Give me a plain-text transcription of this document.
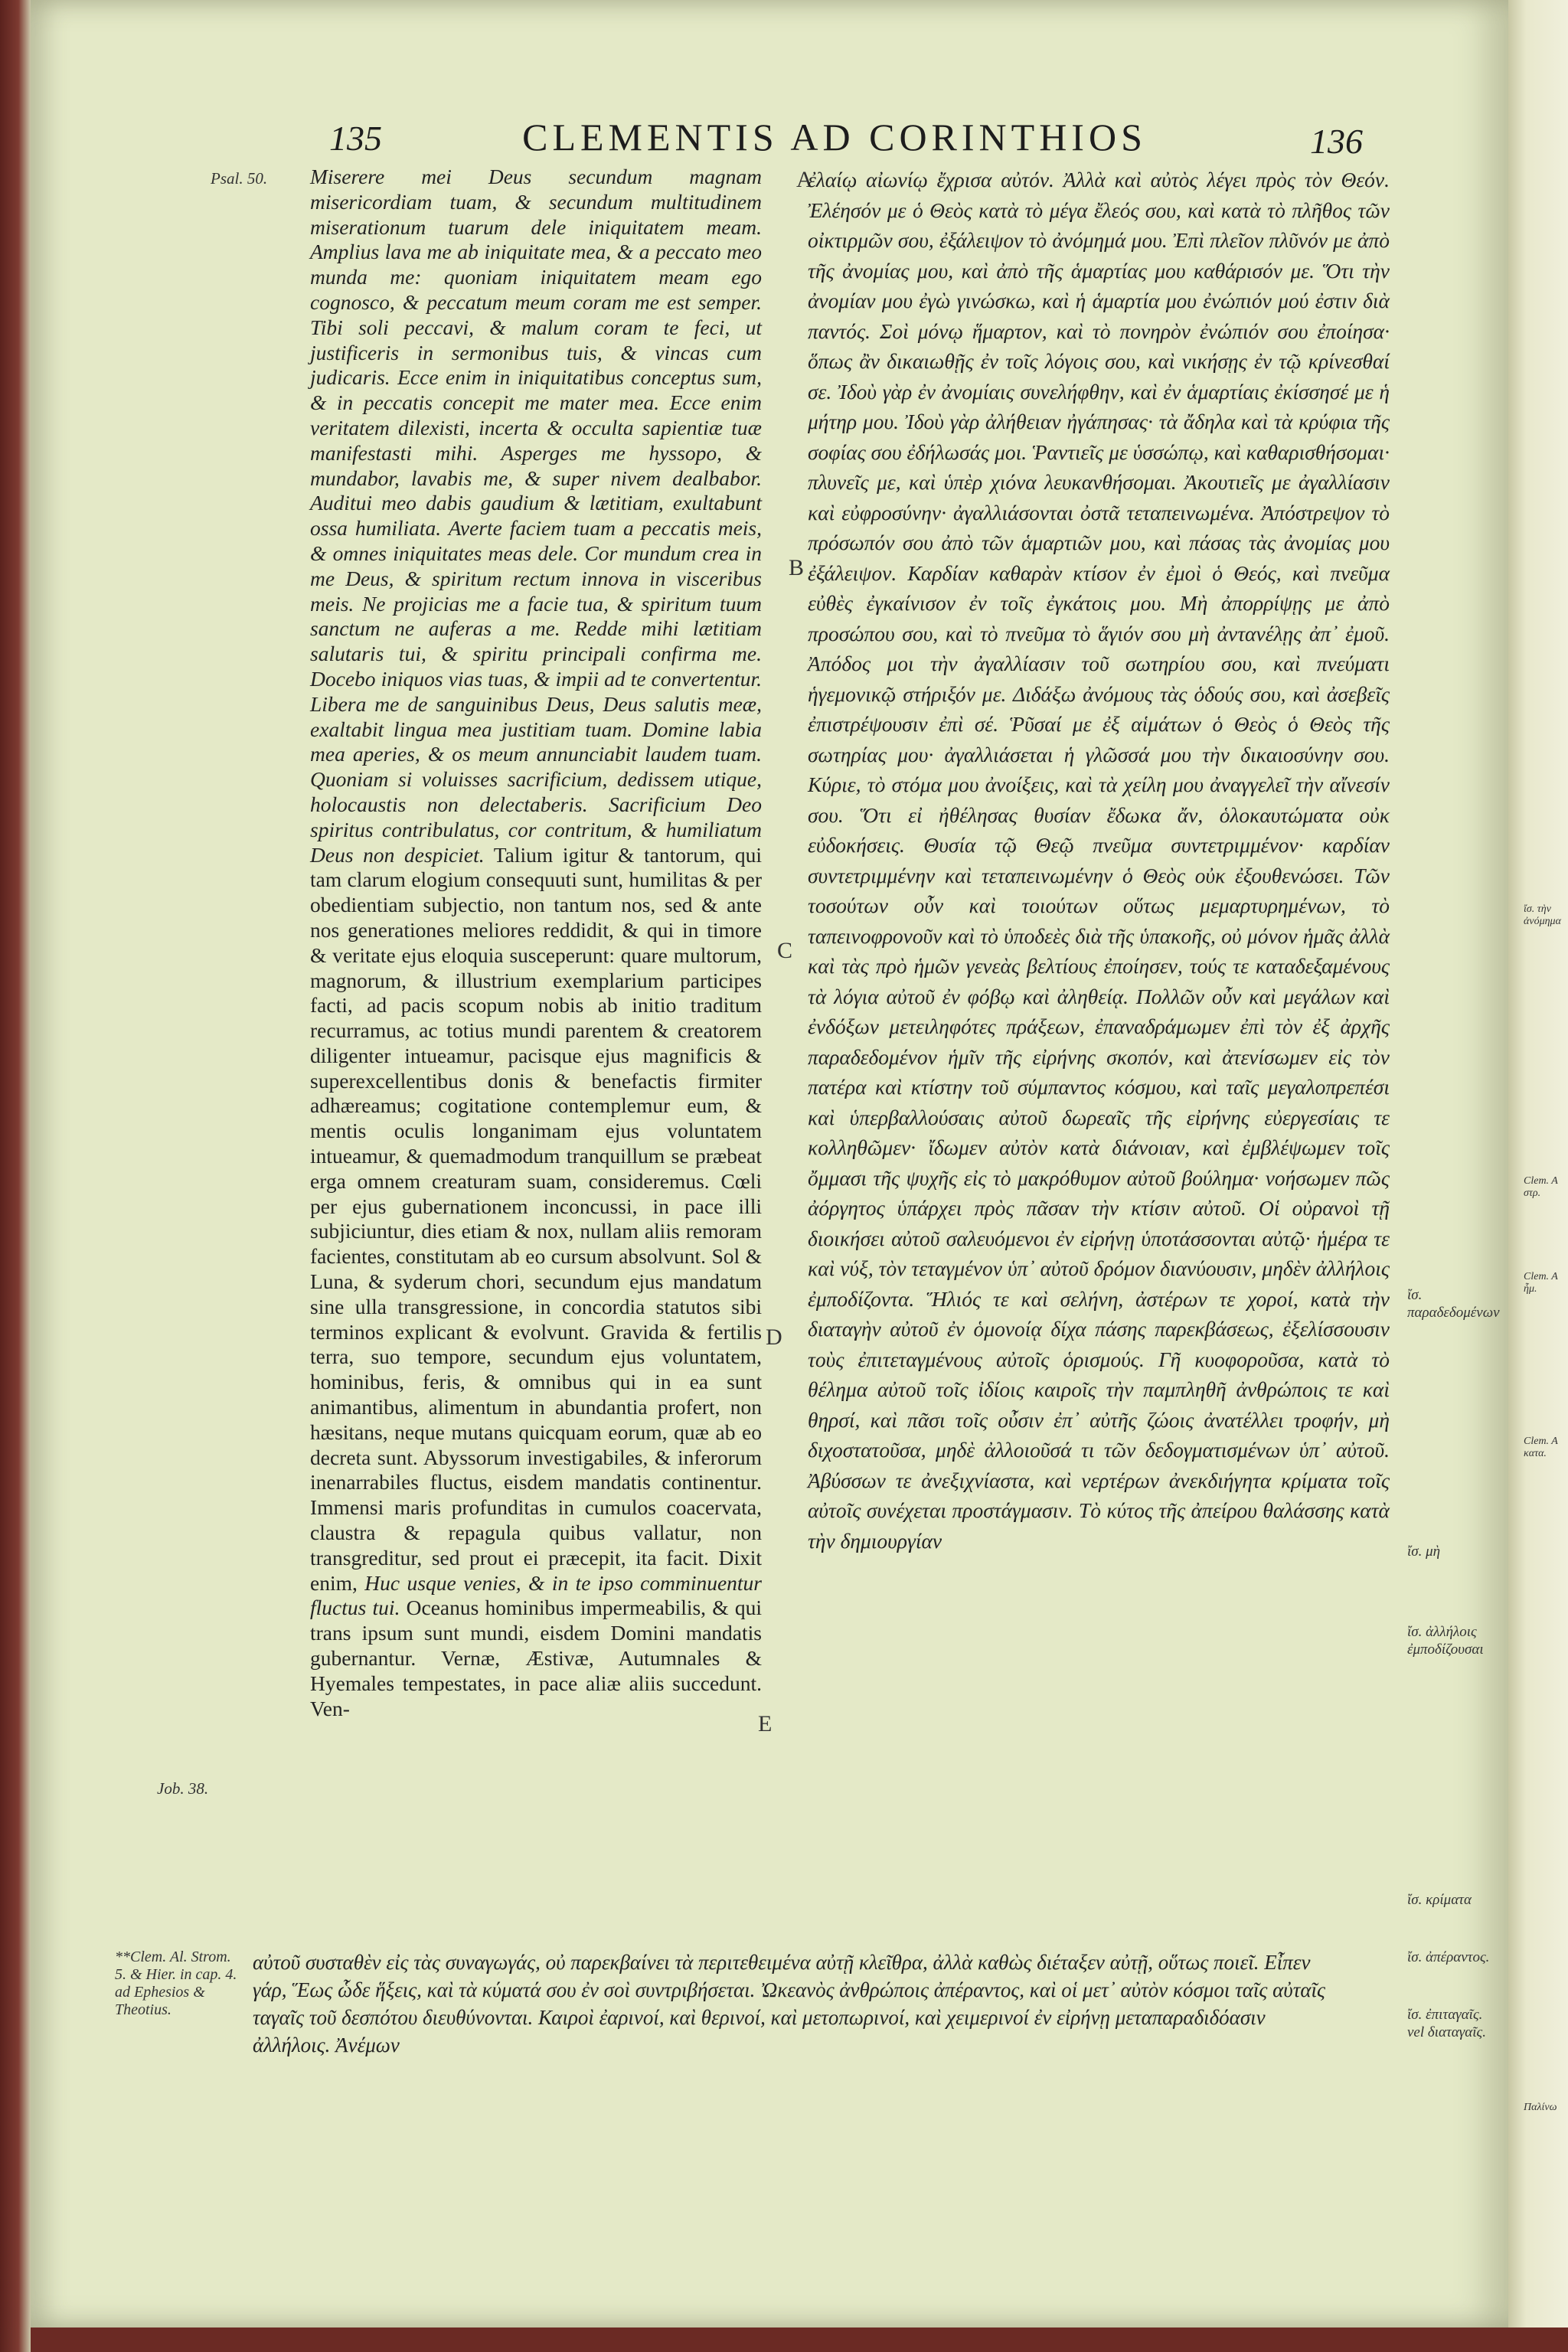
135	CLEMENTIS AD CORINTHIOS	136
Psal. 50.
Job. 38.
**Clem. Al. Strom. 5. & Hier. in cap. 4. ad Ephesios & Theotius.
Miserere mei Deus secundum magnam misericordiam tuam, & secundum multitudinem miserationum tuarum dele iniquitatem meam. Amplius lava me ab iniquitate mea, & a peccato meo munda me: quoniam iniquitatem meam ego cognosco, & peccatum meum coram me est semper. Tibi soli peccavi, & malum coram te feci, ut justificeris in sermonibus tuis, & vincas cum judicaris. Ecce enim in iniquitatibus conceptus sum, & in peccatis concepit me mater mea. Ecce enim veritatem dilexisti, incerta & occulta sapientiæ tuæ manifestasti mihi. Asperges me hyssopo, & mundabor, lavabis me, & super nivem dealbabor. Auditui meo dabis gaudium & lætitiam, exultabunt ossa humiliata. Averte faciem tuam a peccatis meis, & omnes iniquitates meas dele. Cor mundum crea in me Deus, & spiritum rectum innova in visceribus meis. Ne projicias me a facie tua, & spiritum tuum sanctum ne auferas a me. Redde mihi lætitiam salutaris tui, & spiritu principali confirma me. Docebo iniquos vias tuas, & impii ad te convertentur. Libera me de sanguinibus Deus, Deus salutis meæ, exaltabit lingua mea justitiam tuam. Domine labia mea aperies, & os meum annunciabit laudem tuam. Quoniam si voluisses sacrificium, dedissem utique, holocaustis non delectaberis. Sacrificium Deo spiritus contribulatus, cor contritum, & humiliatum Deus non despiciet. Talium igitur & tantorum, qui tam clarum elogium consequuti sunt, humilitas & per obedientiam subjectio, non tantum nos, sed & ante nos generationes meliores reddidit, & qui in timore & veritate ejus eloquia susceperunt: quare multorum, magnorum, & illustrium exemplarium participes facti, ad pacis scopum nobis ab initio traditum recurramus, ac totius mundi parentem & creatorem diligenter intueamur, pacisque ejus magnificis & superexcellentibus donis & benefactis firmiter adhæreamus; cogitatione contemplemur eum, & mentis oculis longanimam ejus voluntatem intueamur, & quemadmodum tranquillum se præbeat erga omnem creaturam suam, consideremus. Cœli per ejus gubernationem inconcussi, in pace illi subjiciuntur, dies etiam & nox, nullam aliis remoram facientes, constitutam ab eo cursum absolvunt. Sol & Luna, & syderum chori, secundum ejus mandatum sine ulla transgressione, in concordia statutos sibi terminos explicant & evolvunt. Gravida & fertilis terra, suo tempore, secundum ejus voluntatem, hominibus, feris, & omnibus qui in ea sunt animantibus, alimentum in abundantia profert, non hæsitans, neque mutans quicquam eorum, quæ ab eo decreta sunt. Abyssorum investigabiles, & inferorum inenarrabiles fluctus, eisdem mandatis continentur. Immensi maris profunditas in cumulos coacervata, claustra & repagula quibus vallatur, non transgreditur, sed prout ei præcepit, ita facit. Dixit enim, Huc usque venies, & in te ipso comminuentur fluctus tui. Oceanus hominibus impermeabilis, & qui trans ipsum sunt mundi, eisdem Domini mandatis gubernantur. Vernæ, Æstivæ, Autumnales & Hyemales tempestates, in pace aliæ aliis succedunt. Ven-
A
B
C
D
E
ἐλαίῳ αἰωνίῳ ἔχρισα αὐτόν. Ἀλλὰ καὶ αὐτὸς λέγει πρὸς τὸν Θεόν. Ἐλέησόν με ὁ Θεὸς κατὰ τὸ μέγα ἔλεός σου, καὶ κατὰ τὸ πλῆθος τῶν οἰκτιρμῶν σου, ἐξάλειψον τὸ ἀνόμημά μου. Ἐπὶ πλεῖον πλῦνόν με ἀπὸ τῆς ἀνομίας μου, καὶ ἀπὸ τῆς ἁμαρτίας μου καθάρισόν με. Ὅτι τὴν ἀνομίαν μου ἐγὼ γινώσκω, καὶ ἡ ἁμαρτία μου ἐνώπιόν μού ἐστιν διὰ παντός. Σοὶ μόνῳ ἥμαρτον, καὶ τὸ πονηρὸν ἐνώπιόν σου ἐποίησα· ὅπως ἂν δικαιωθῇς ἐν τοῖς λόγοις σου, καὶ νικήσῃς ἐν τῷ κρίνεσθαί σε. Ἰδοὺ γὰρ ἐν ἀνομίαις συνελήφθην, καὶ ἐν ἁμαρτίαις ἐκίσσησέ με ἡ μήτηρ μου. Ἰδοὺ γὰρ ἀλήθειαν ἠγάπησας· τὰ ἄδηλα καὶ τὰ κρύφια τῆς σοφίας σου ἐδήλωσάς μοι. Ῥαντιεῖς με ὑσσώπῳ, καὶ καθαρισθήσομαι· πλυνεῖς με, καὶ ὑπὲρ χιόνα λευκανθήσομαι. Ἀκουτιεῖς με ἀγαλλίασιν καὶ εὐφροσύνην· ἀγαλλιάσονται ὀστᾶ τεταπεινωμένα. Ἀπόστρεψον τὸ πρόσωπόν σου ἀπὸ τῶν ἁμαρτιῶν μου, καὶ πάσας τὰς ἀνομίας μου ἐξάλειψον. Καρδίαν καθαρὰν κτίσον ἐν ἐμοὶ ὁ Θεός, καὶ πνεῦμα εὐθὲς ἐγκαίνισον ἐν τοῖς ἐγκάτοις μου. Μὴ ἀπορρίψῃς με ἀπὸ προσώπου σου, καὶ τὸ πνεῦμα τὸ ἅγιόν σου μὴ ἀντανέλῃς ἀπ᾽ ἐμοῦ. Ἀπόδος μοι τὴν ἀγαλλίασιν τοῦ σωτηρίου σου, καὶ πνεύματι ἡγεμονικῷ στήριξόν με. Διδάξω ἀνόμους τὰς ὁδούς σου, καὶ ἀσεβεῖς ἐπιστρέψουσιν ἐπὶ σέ. Ῥῦσαί με ἐξ αἱμάτων ὁ Θεὸς ὁ Θεὸς τῆς σωτηρίας μου· ἀγαλλιάσεται ἡ γλῶσσά μου τὴν δικαιοσύνην σου. Κύριε, τὸ στόμα μου ἀνοίξεις, καὶ τὰ χείλη μου ἀναγγελεῖ τὴν αἴνεσίν σου. Ὅτι εἰ ἠθέλησας θυσίαν ἔδωκα ἄν, ὁλοκαυτώματα οὐκ εὐδοκήσεις. Θυσία τῷ Θεῷ πνεῦμα συντετριμμένον· καρδίαν συντετριμμένην καὶ τεταπεινωμένην ὁ Θεὸς οὐκ ἐξουθενώσει. Τῶν τοσούτων οὖν καὶ τοιούτων οὕτως μεμαρτυρημένων, τὸ ταπεινοφρονοῦν καὶ τὸ ὑποδεὲς διὰ τῆς ὑπακοῆς, οὐ μόνον ἡμᾶς ἀλλὰ καὶ τὰς πρὸ ἡμῶν γενεὰς βελτίους ἐποίησεν, τούς τε καταδεξαμένους τὰ λόγια αὐτοῦ ἐν φόβῳ καὶ ἀληθείᾳ. Πολλῶν οὖν καὶ μεγάλων καὶ ἐνδόξων μετειληφότες πράξεων, ἐπαναδράμωμεν ἐπὶ τὸν ἐξ ἀρχῆς παραδεδομένον ἡμῖν τῆς εἰρήνης σκοπόν, καὶ ἀτενίσωμεν εἰς τὸν πατέρα καὶ κτίστην τοῦ σύμπαντος κόσμου, καὶ ταῖς μεγαλοπρεπέσι καὶ ὑπερβαλλούσαις αὐτοῦ δωρεαῖς τῆς εἰρήνης εὐεργεσίαις τε κολληθῶμεν· ἴδωμεν αὐτὸν κατὰ διάνοιαν, καὶ ἐμβλέψωμεν τοῖς ὄμμασι τῆς ψυχῆς εἰς τὸ μακρόθυμον αὐτοῦ βούλημα· νοήσωμεν πῶς ἀόργητος ὑπάρχει πρὸς πᾶσαν τὴν κτίσιν αὐτοῦ. Οἱ οὐρανοὶ τῇ διοικήσει αὐτοῦ σαλευόμενοι ἐν εἰρήνῃ ὑποτάσσονται αὐτῷ· ἡμέρα τε καὶ νύξ, τὸν τεταγμένον ὑπ᾽ αὐτοῦ δρόμον διανύουσιν, μηδὲν ἀλλήλοις ἐμποδίζοντα. Ἥλιός τε καὶ σελήνη, ἀστέρων τε χοροί, κατὰ τὴν διαταγὴν αὐτοῦ ἐν ὁμονοίᾳ δίχα πάσης παρεκβάσεως, ἐξελίσσουσιν τοὺς ἐπιτεταγμένους αὐτοῖς ὁρισμούς. Γῆ κυοφοροῦσα, κατὰ τὸ θέλημα αὐτοῦ τοῖς ἰδίοις καιροῖς τὴν παμπληθῆ ἀνθρώποις τε καὶ θηρσί, καὶ πᾶσι τοῖς οὖσιν ἐπ᾽ αὐτῆς ζώοις ἀνατέλλει τροφήν, μὴ διχοστατοῦσα, μηδὲ ἀλλοιοῦσά τι τῶν δεδογματισμένων ὑπ᾽ αὐτοῦ. Ἀβύσσων τε ἀνεξιχνίαστα, καὶ νερτέρων ἀνεκδιήγητα κρίματα τοῖς αὐτοῖς συνέχεται προστάγμασιν. Τὸ κύτος τῆς ἀπείρου θαλάσσης κατὰ τὴν δημιουργίαν
αὐτοῦ συσταθὲν εἰς τὰς συναγωγάς, οὐ παρεκβαίνει τὰ περιτεθειμένα αὐτῇ κλεῖθρα, ἀλλὰ καθὼς διέταξεν αὐτῇ, οὕτως ποιεῖ. Εἶπεν γάρ, Ἕως ὧδε ἥξεις, καὶ τὰ κύματά σου ἐν σοὶ συντριβήσεται. Ὠκεανὸς ἀνθρώποις ἀπέραντος, καὶ οἱ μετ᾽ αὐτὸν κόσμοι ταῖς αὐταῖς ταγαῖς τοῦ δεσπότου διευθύνονται. Καιροὶ ἐαρινοί, καὶ θερινοί, καὶ μετοπωρινοί, καὶ χειμερινοί ἐν εἰρήνῃ μεταπαραδιδόασιν ἀλλήλοις. Ἀνέμων
ἴσ. παραδεδομένων
ἴσ. μὴ
ἴσ. ἀλλήλοις ἐμποδίζουσαι
ἴσ. κρίματα
ἴσ. ἀπέραντος.
ἴσ. ἐπιταγαῖς. vel διαταγαῖς.
ἴσ. τὴν ἀνόμημα
Clem. A στρ.
Clem. A ἧμ.
Clem. A κατα.
Παλίνω
